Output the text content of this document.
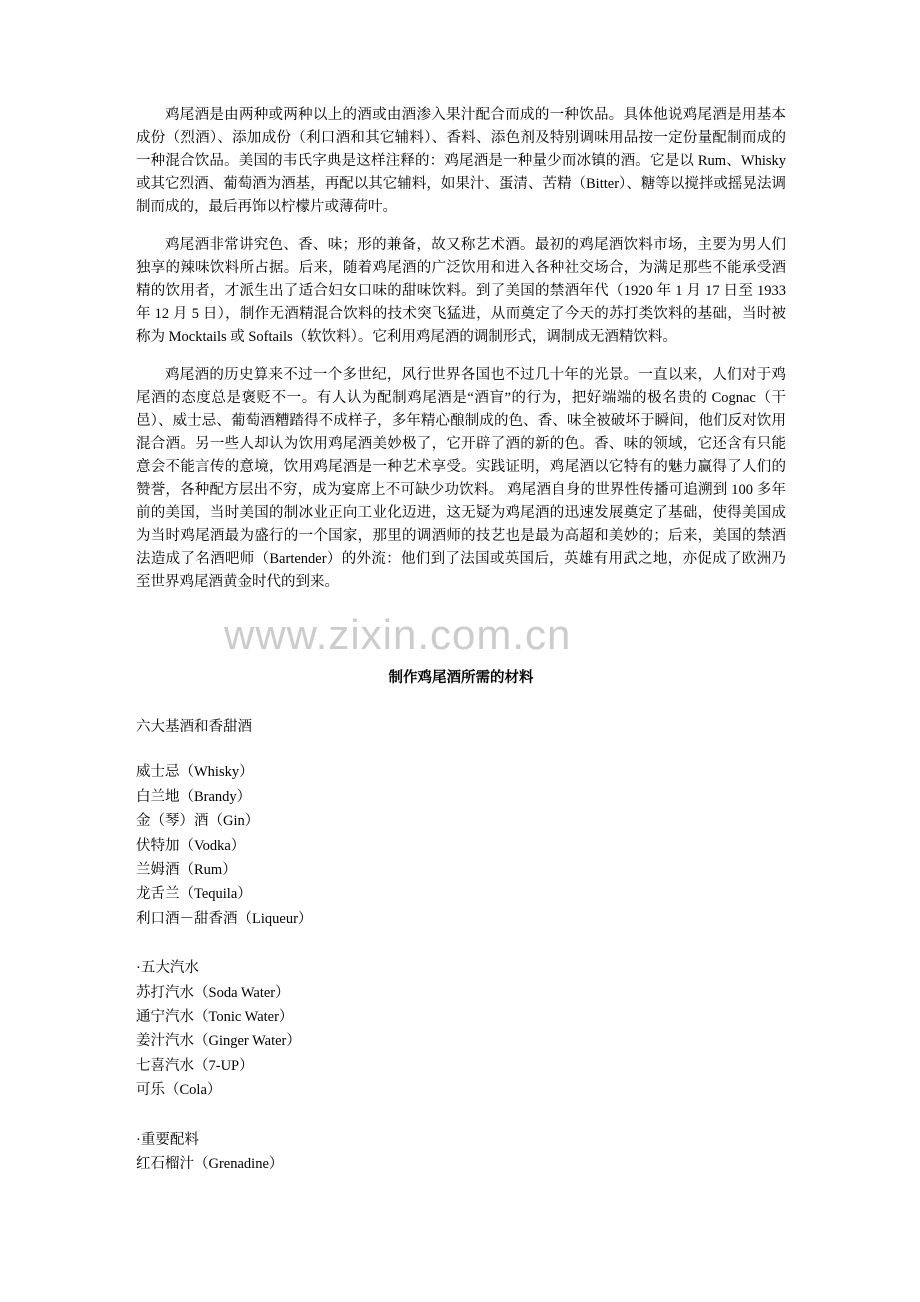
鸡尾酒是由两种或两种以上的酒或由酒渗入果汁配合而成的一种饮品。具体他说鸡尾酒是用基本成份（烈酒）、添加成份（利口酒和其它辅料）、香料、添色剂及特别调味用品按一定份量配制而成的一种混合饮品。美国的韦氏字典是这样注释的：鸡尾酒是一种量少而冰镇的酒。它是以 Rum、Whisky 或其它烈酒、葡萄酒为酒基，再配以其它辅料，如果汁、蛋清、苦精（Bitter）、糖等以搅拌或摇晃法调制而成的，最后再饰以柠檬片或薄荷叶。

鸡尾酒非常讲究色、香、味；形的兼备，故又称艺术酒。最初的鸡尾酒饮料市场，主要为男人们独享的辣味饮料所占据。后来，随着鸡尾酒的广泛饮用和进入各种社交场合，为满足那些不能承受酒精的饮用者，才派生出了适合妇女口味的甜味饮料。到了美国的禁酒年代（1920 年 1 月 17 日至 1933 年 12 月 5 日），制作无酒精混合饮料的技术突飞猛进，从而奠定了今天的苏打类饮料的基础，当时被称为 Mocktails 或 Softails（软饮料）。它利用鸡尾酒的调制形式，调制成无酒精饮料。

鸡尾酒的历史算来不过一个多世纪，风行世界各国也不过几十年的光景。一直以来，人们对于鸡尾酒的态度总是褒贬不一。有人认为配制鸡尾酒是“酒盲”的行为，把好端端的极名贵的 Cognac（干邑）、威士忌、葡萄酒糟踏得不成样子，多年精心酿制成的色、香、味全被破坏于瞬间，他们反对饮用混合酒。另一些人却认为饮用鸡尾酒美妙极了，它开辟了酒的新的色。香、味的领域，它还含有只能意会不能言传的意境，饮用鸡尾酒是一种艺术享受。实践证明，鸡尾酒以它特有的魅力赢得了人们的赞誉，各种配方层出不穷，成为宴席上不可缺少功饮料。 鸡尾酒自身的世界性传播可追溯到 100 多年前的美国，当时美国的制冰业正向工业化迈进，这无疑为鸡尾酒的迅速发展奠定了基础，使得美国成为当时鸡尾酒最为盛行的一个国家，那里的调酒师的技艺也是最为高超和美妙的；后来，美国的禁酒法造成了名酒吧师（Bartender）的外流：他们到了法国或英国后，英雄有用武之地，亦促成了欧洲乃至世界鸡尾酒黄金时代的到来。

www.zixin.com.cn
制作鸡尾酒所需的材料
六大基酒和香甜酒
威士忌（Whisky）
白兰地（Brandy）
金（琴）酒（Gin）
伏特加（Vodka）
兰姆酒（Rum）
龙舌兰（Tequila）
利口酒－甜香酒（Liqueur）
·五大汽水
苏打汽水（Soda Water）
通宁汽水（Tonic Water）
姜汁汽水（Ginger Water）
七喜汽水（7-UP）
可乐（Cola）
·重要配料
红石榴汁（Grenadine）
